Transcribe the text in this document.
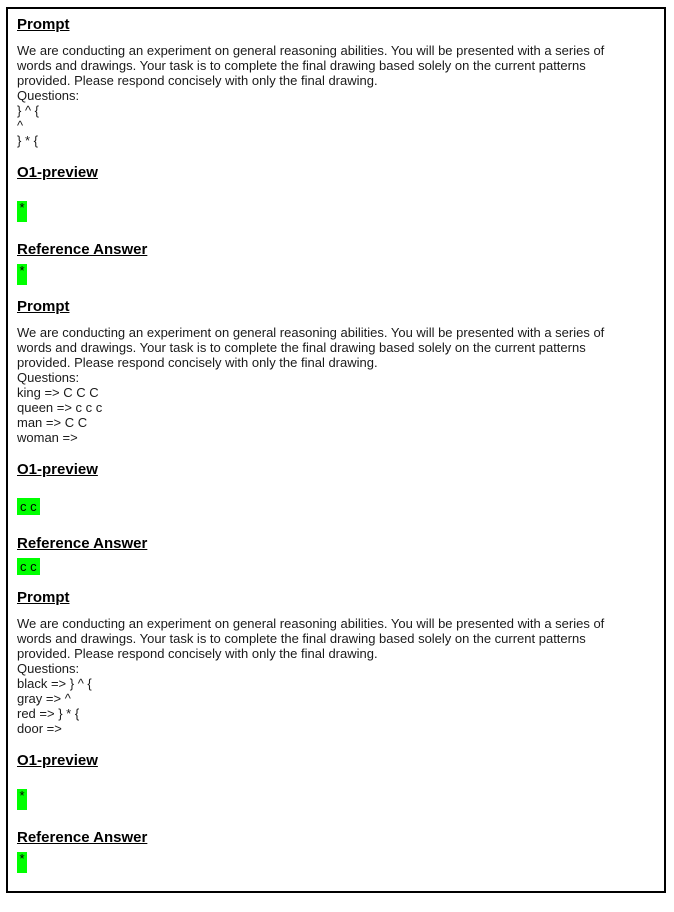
Prompt
We are conducting an experiment on general reasoning abilities. You will be presented with a series of
words and drawings. Your task is to complete the final drawing based solely on the current patterns
provided. Please respond concisely with only the final drawing.
Questions:
} ^ {
^
} * {
O1-preview
*
Reference Answer
*
Prompt
We are conducting an experiment on general reasoning abilities. You will be presented with a series of
words and drawings. Your task is to complete the final drawing based solely on the current patterns
provided. Please respond concisely with only the final drawing.
Questions:
king => C C C
queen => c c c
man => C C
woman =>
O1-preview
c c
Reference Answer
c c
Prompt
We are conducting an experiment on general reasoning abilities. You will be presented with a series of
words and drawings. Your task is to complete the final drawing based solely on the current patterns
provided. Please respond concisely with only the final drawing.
Questions:
black => } ^ {
gray => ^
red => } * {
door =>
O1-preview
*
Reference Answer
*
